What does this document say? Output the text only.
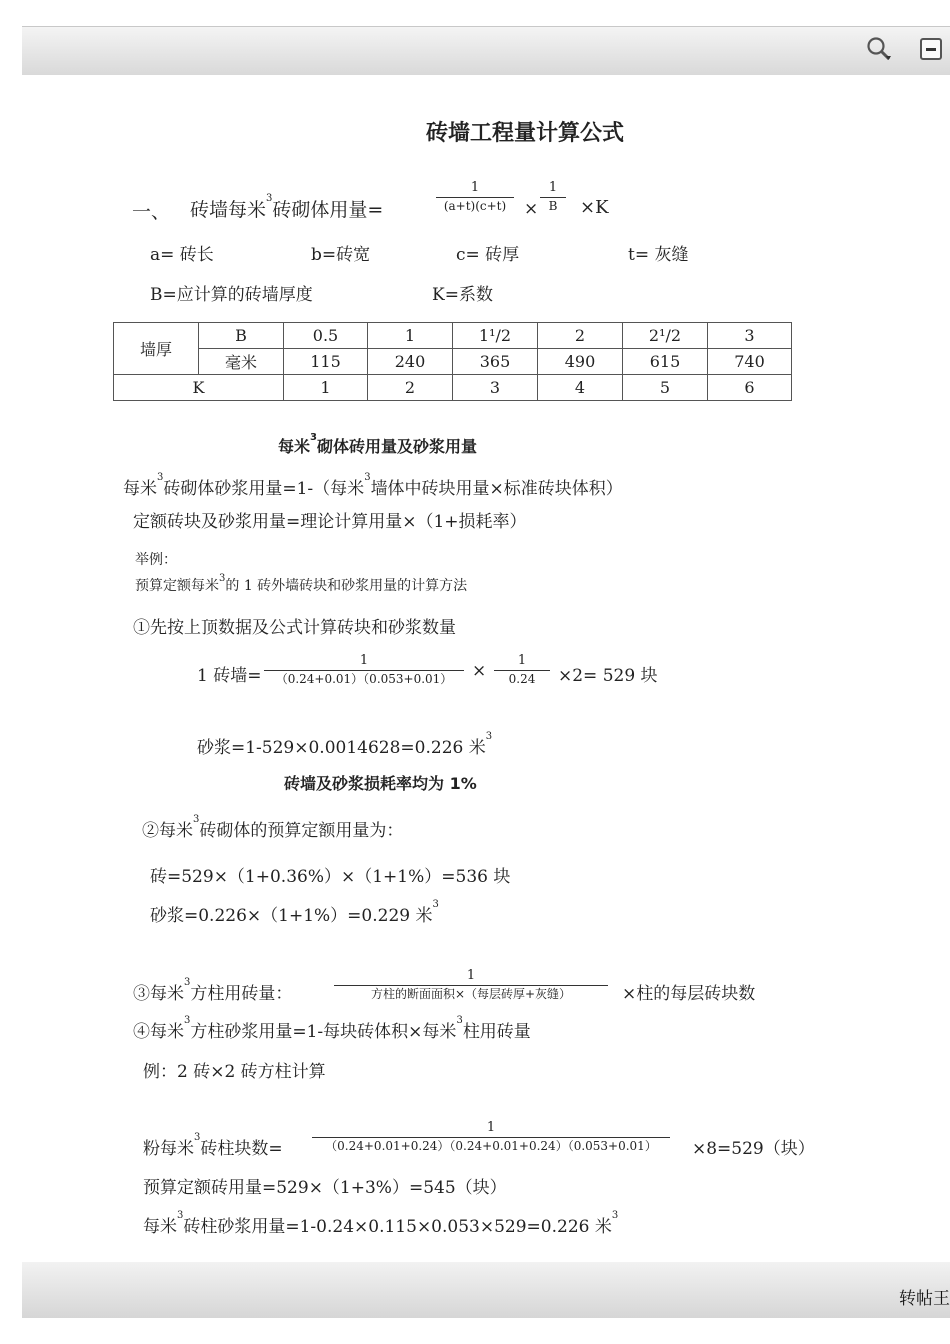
砖墙工程量计算公式
一、 砖墙每米$^3$砖砌体用量=
1
(a+t)(c+t)	×
1
B	×K
a= 砖长	b=砖宽	c= 砖厚	t= 灰缝
B=应计算的砖墙厚度	K=系数
墙厚	B	0.5	1	1¹/2	2	2¹/2	3
	毫米	115	240	365	490	615	740
K		1	2	3	4	5	6
每米$^3$砌体砖用量及砂浆用量
每米$^3$砖砌体砂浆用量=1-（每米$^3$墙体中砖块用量×标准砖块体积）
定额砖块及砂浆用量=理论计算用量×（1+损耗率）
举例：
预算定额每米$^3$的 1 砖外墙砖块和砂浆用量的计算方法
①先按上顶数据及公式计算砖块和砂浆数量
1 砖墙=
1
（0.24+0.01）（0.053+0.01）	×
1
0.24	×2= 529 块
砂浆=1-529×0.0014628=0.226 米$^3$
砖墙及砂浆损耗率均为 1%
②每米$^3$砖砌体的预算定额用量为：
砖=529×（1+0.36%）×（1+1%）=536 块
砂浆=0.226×（1+1%）=0.229 米$^3$
③每米$^3$方柱用砖量：
1
方柱的断面面积×（每层砖厚+灰缝）	×柱的每层砖块数
④每米$^3$方柱砂浆用量=1-每块砖体积×每米$^3$柱用砖量
例：2 砖×2 砖方柱计算
粉每米$^3$砖柱块数=
1
（0.24+0.01+0.24）（0.24+0.01+0.24）（0.053+0.01）	×8=529（块）
预算定额砖用量=529×（1+3%）=545（块）
每米$^3$砖柱砂浆用量=1-0.24×0.115×0.053×529=0.226 米$^3$
转帖王
